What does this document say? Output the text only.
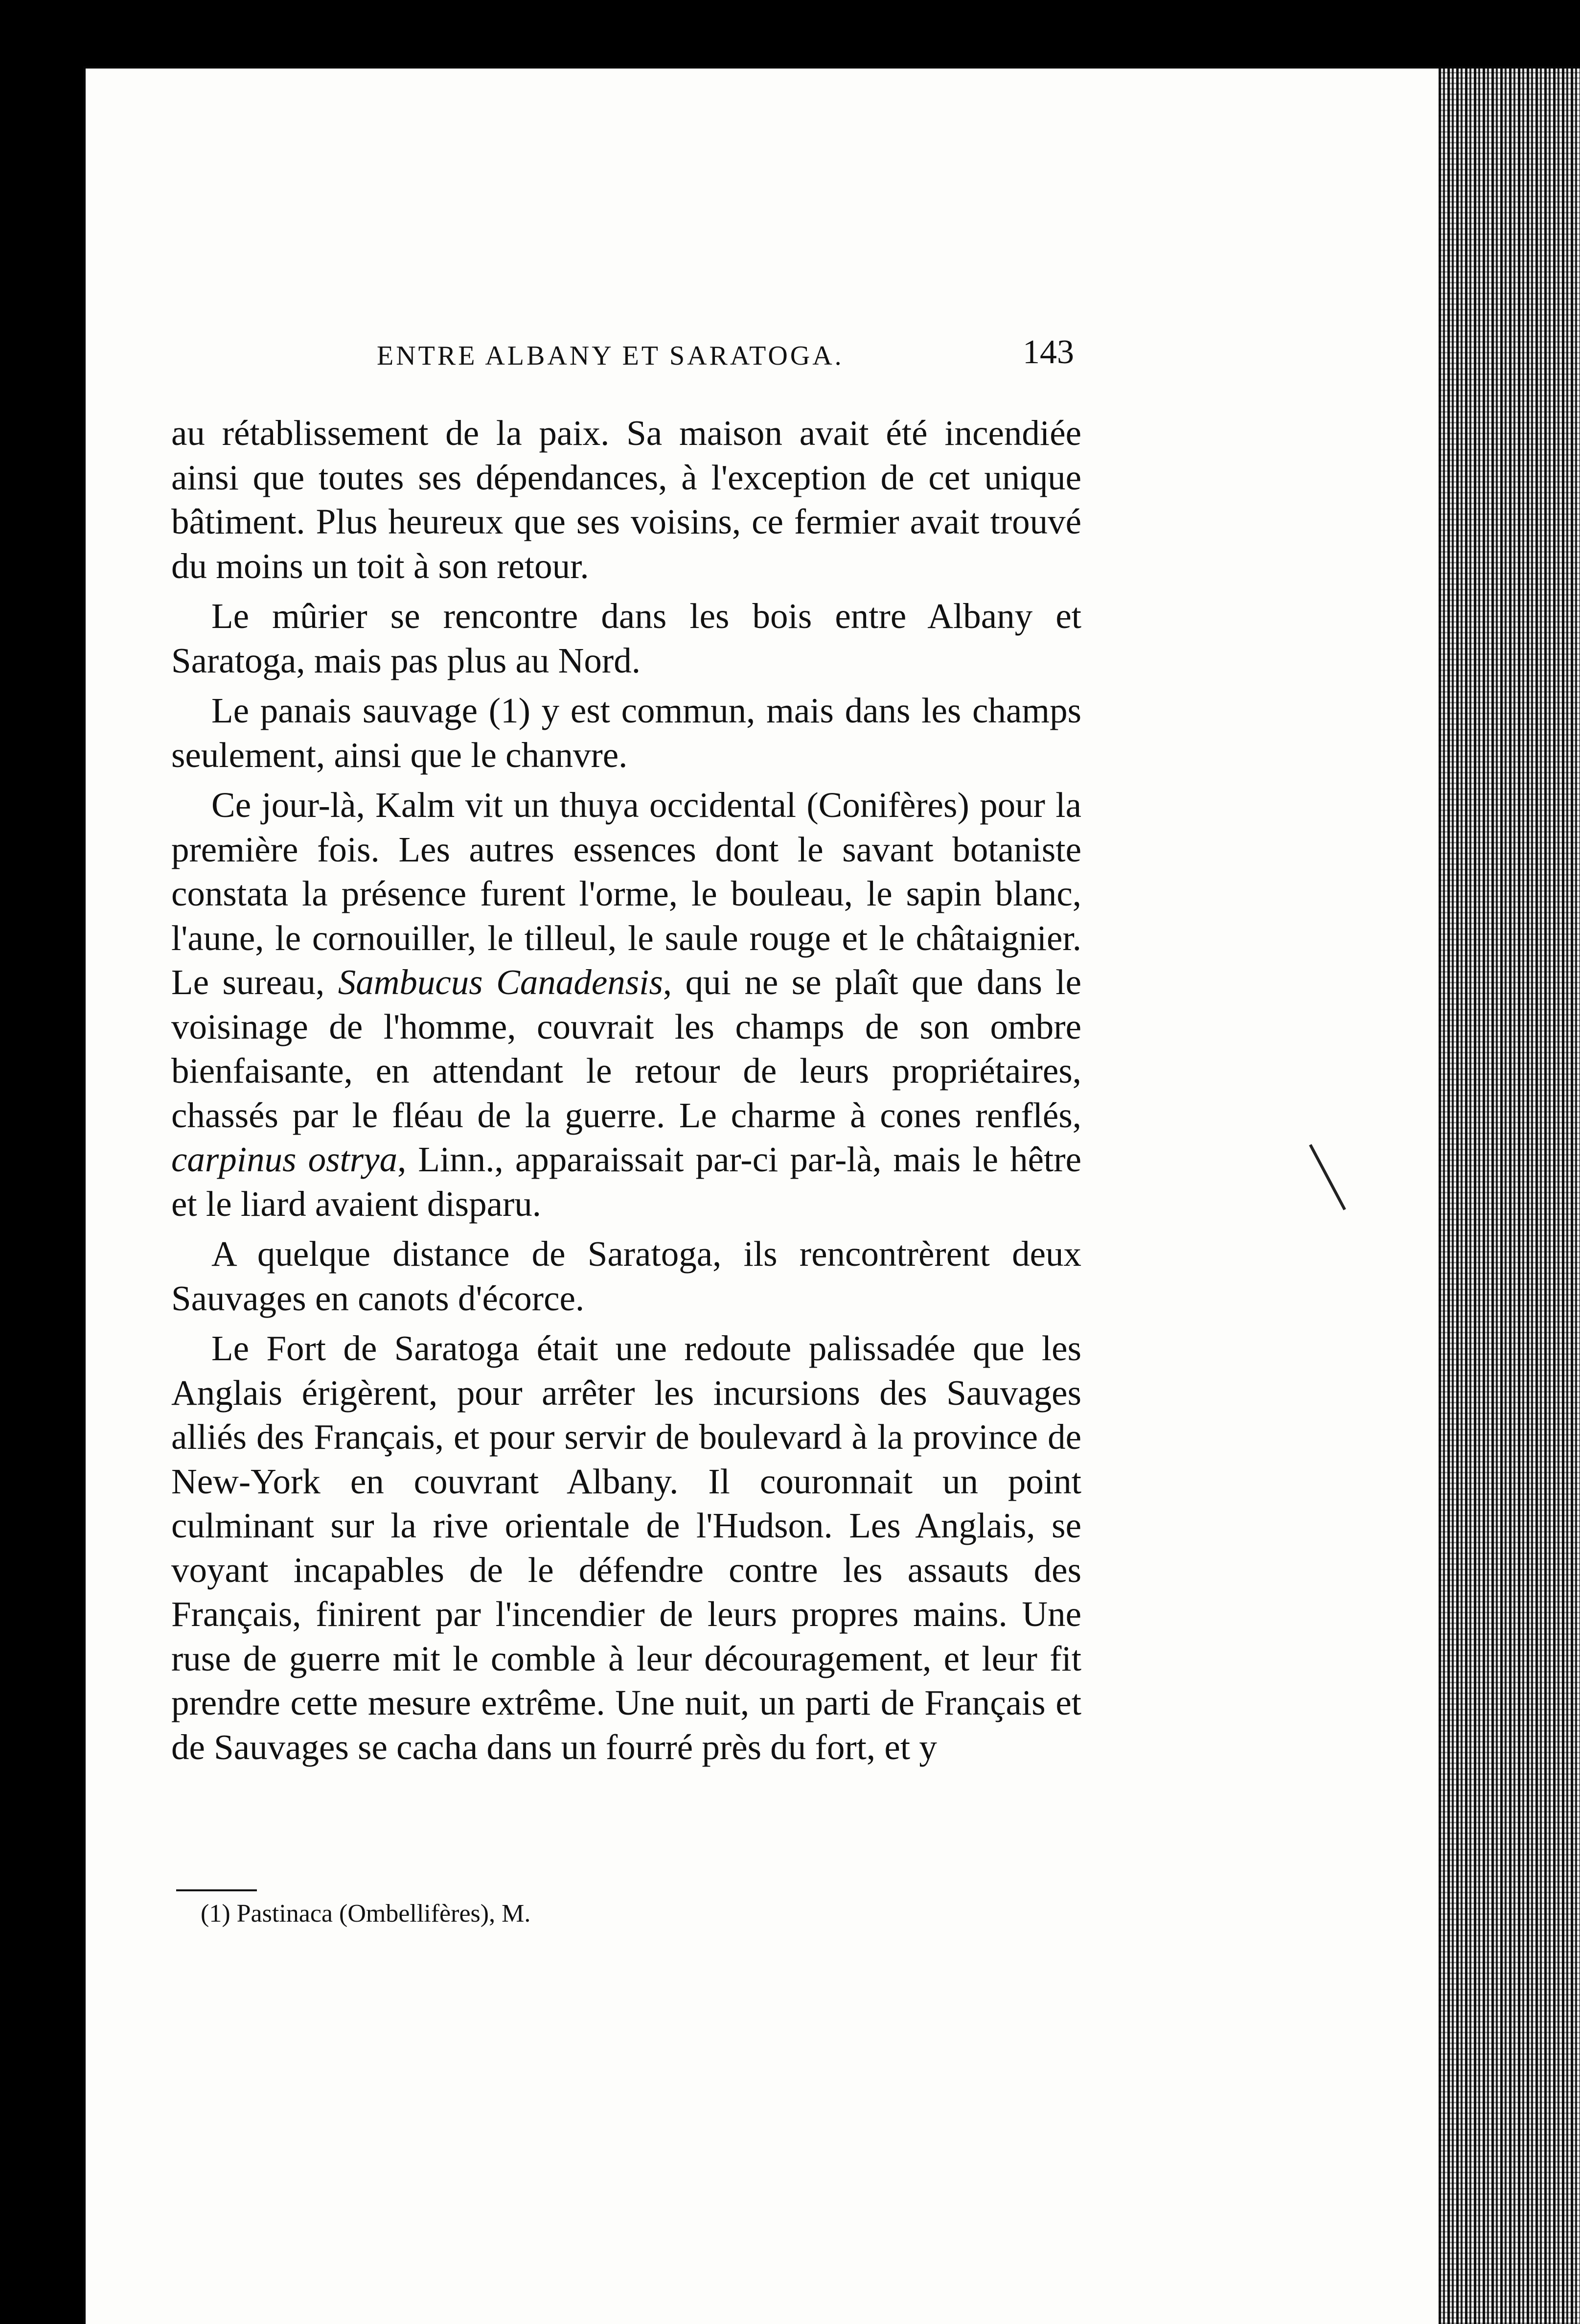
ENTRE ALBANY ET SARATOGA.	143

au rétablissement de la paix. Sa maison avait été incendiée ainsi que toutes ses dépendances, à l'exception de cet unique bâtiment. Plus heureux que ses voisins, ce fermier avait trouvé du moins un toit à son retour.

Le mûrier se rencontre dans les bois entre Albany et Saratoga, mais pas plus au Nord.

Le panais sauvage (1) y est commun, mais dans les champs seulement, ainsi que le chanvre.

Ce jour-là, Kalm vit un thuya occidental (Conifères) pour la première fois. Les autres essences dont le savant botaniste constata la présence furent l'orme, le bouleau, le sapin blanc, l'aune, le cornouiller, le tilleul, le saule rouge et le châtaignier. Le sureau, Sambucus Canadensis, qui ne se plaît que dans le voisinage de l'homme, couvrait les champs de son ombre bienfaisante, en attendant le retour de leurs propriétaires, chassés par le fléau de la guerre. Le charme à cones renflés, carpinus ostrya, Linn., apparaissait par-ci par-là, mais le hêtre et le liard avaient disparu.

A quelque distance de Saratoga, ils rencontrèrent deux Sauvages en canots d'écorce.

Le Fort de Saratoga était une redoute palissadée que les Anglais érigèrent, pour arrêter les incursions des Sauvages alliés des Français, et pour servir de boulevard à la province de New-York en couvrant Albany. Il couronnait un point culminant sur la rive orientale de l'Hudson. Les Anglais, se voyant incapables de le défendre contre les assauts des Français, finirent par l'incendier de leurs propres mains. Une ruse de guerre mit le comble à leur découragement, et leur fit prendre cette mesure extrême. Une nuit, un parti de Français et de Sauvages se cacha dans un fourré près du fort, et y

(1) Pastinaca (Ombellifères), M.
